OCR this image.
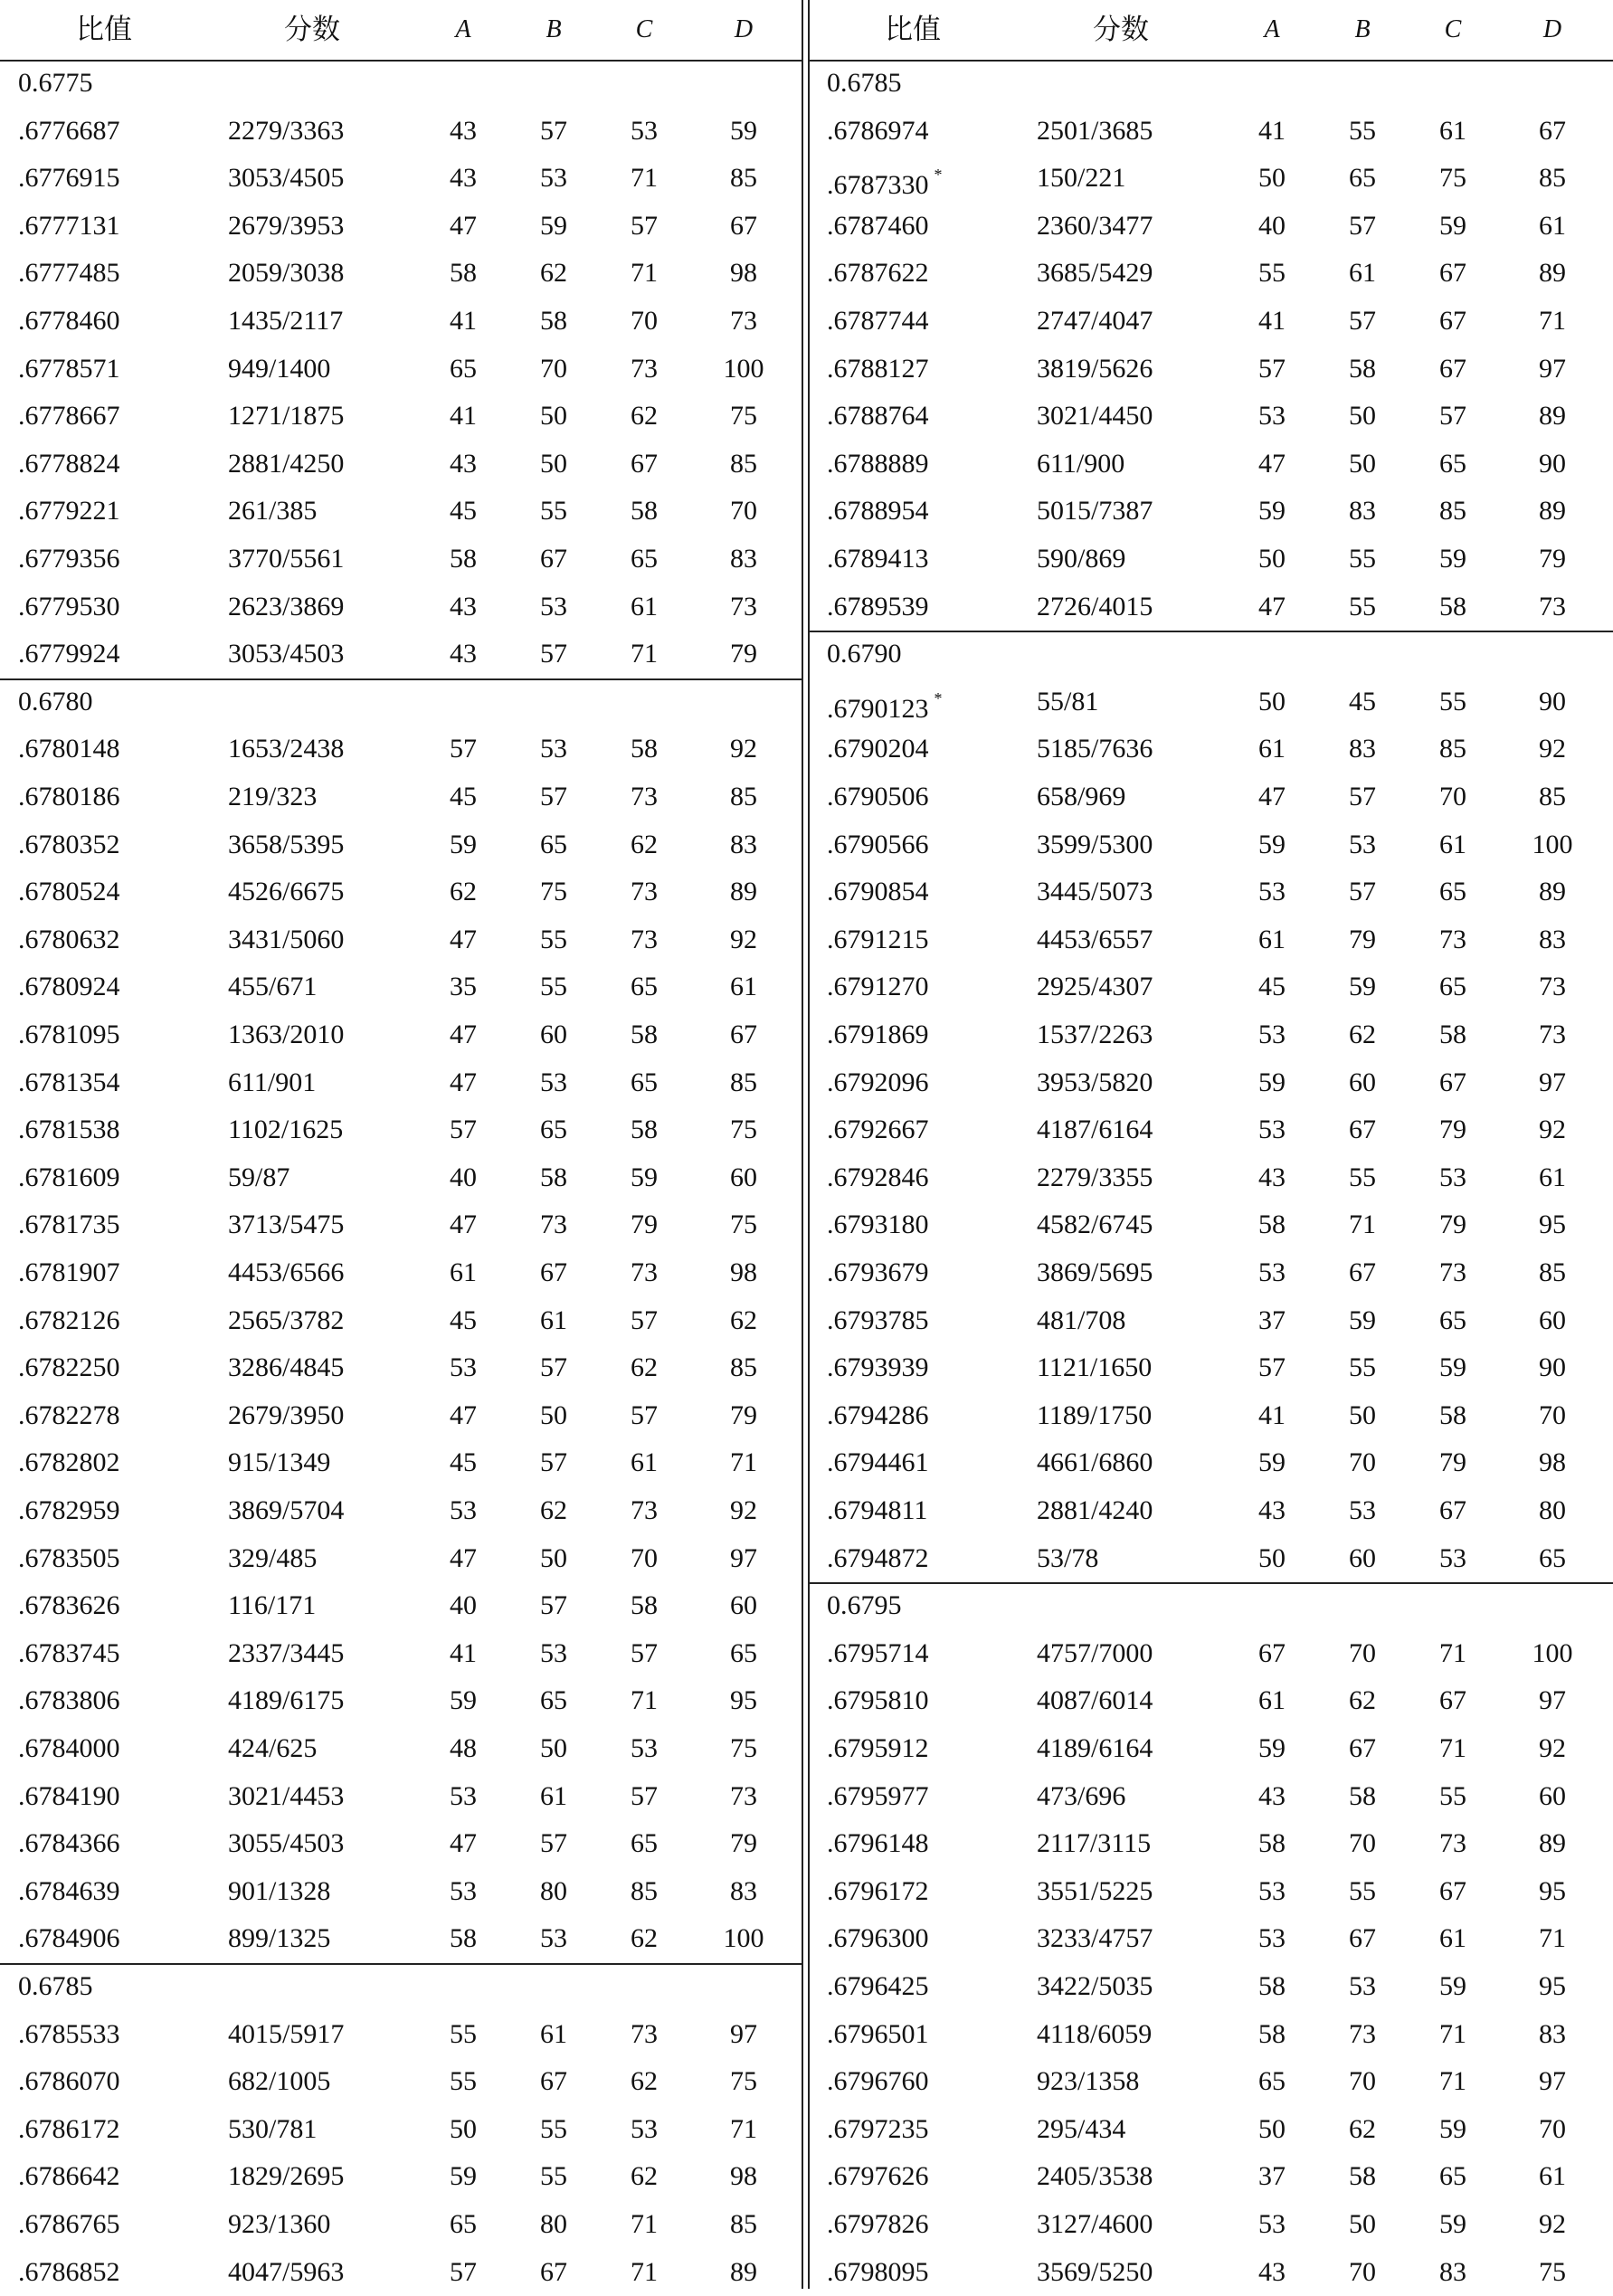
比值	分数	A	B	C	D
0.6775
.6776687	2279/3363	43	57	53	59
.6776915	3053/4505	43	53	71	85
.6777131	2679/3953	47	59	57	67
.6777485	2059/3038	58	62	71	98
.6778460	1435/2117	41	58	70	73
.6778571	949/1400	65	70	73	100
.6778667	1271/1875	41	50	62	75
.6778824	2881/4250	43	50	67	85
.6779221	261/385	45	55	58	70
.6779356	3770/5561	58	67	65	83
.6779530	2623/3869	43	53	61	73
.6779924	3053/4503	43	57	71	79
0.6780
.6780148	1653/2438	57	53	58	92
.6780186	219/323	45	57	73	85
.6780352	3658/5395	59	65	62	83
.6780524	4526/6675	62	75	73	89
.6780632	3431/5060	47	55	73	92
.6780924	455/671	35	55	65	61
.6781095	1363/2010	47	60	58	67
.6781354	611/901	47	53	65	85
.6781538	1102/1625	57	65	58	75
.6781609	59/87	40	58	59	60
.6781735	3713/5475	47	73	79	75
.6781907	4453/6566	61	67	73	98
.6782126	2565/3782	45	61	57	62
.6782250	3286/4845	53	57	62	85
.6782278	2679/3950	47	50	57	79
.6782802	915/1349	45	57	61	71
.6782959	3869/5704	53	62	73	92
.6783505	329/485	47	50	70	97
.6783626	116/171	40	57	58	60
.6783745	2337/3445	41	53	57	65
.6783806	4189/6175	59	65	71	95
.6784000	424/625	48	50	53	75
.6784190	3021/4453	53	61	57	73
.6784366	3055/4503	47	57	65	79
.6784639	901/1328	53	80	85	83
.6784906	899/1325	58	53	62	100
0.6785
.6785533	4015/5917	55	61	73	97
.6786070	682/1005	55	67	62	75
.6786172	530/781	50	55	53	71
.6786642	1829/2695	59	55	62	98
.6786765	923/1360	65	80	71	85
.6786852	4047/5963	57	67	71	89
比值	分数	A	B	C	D
0.6785
.6786974	2501/3685	41	55	61	67
.6787330 *	150/221	50	65	75	85
.6787460	2360/3477	40	57	59	61
.6787622	3685/5429	55	61	67	89
.6787744	2747/4047	41	57	67	71
.6788127	3819/5626	57	58	67	97
.6788764	3021/4450	53	50	57	89
.6788889	611/900	47	50	65	90
.6788954	5015/7387	59	83	85	89
.6789413	590/869	50	55	59	79
.6789539	2726/4015	47	55	58	73
0.6790
.6790123 *	55/81	50	45	55	90
.6790204	5185/7636	61	83	85	92
.6790506	658/969	47	57	70	85
.6790566	3599/5300	59	53	61	100
.6790854	3445/5073	53	57	65	89
.6791215	4453/6557	61	79	73	83
.6791270	2925/4307	45	59	65	73
.6791869	1537/2263	53	62	58	73
.6792096	3953/5820	59	60	67	97
.6792667	4187/6164	53	67	79	92
.6792846	2279/3355	43	55	53	61
.6793180	4582/6745	58	71	79	95
.6793679	3869/5695	53	67	73	85
.6793785	481/708	37	59	65	60
.6793939	1121/1650	57	55	59	90
.6794286	1189/1750	41	50	58	70
.6794461	4661/6860	59	70	79	98
.6794811	2881/4240	43	53	67	80
.6794872	53/78	50	60	53	65
0.6795
.6795714	4757/7000	67	70	71	100
.6795810	4087/6014	61	62	67	97
.6795912	4189/6164	59	67	71	92
.6795977	473/696	43	58	55	60
.6796148	2117/3115	58	70	73	89
.6796172	3551/5225	53	55	67	95
.6796300	3233/4757	53	67	61	71
.6796425	3422/5035	58	53	59	95
.6796501	4118/6059	58	73	71	83
.6796760	923/1358	65	70	71	97
.6797235	295/434	50	62	59	70
.6797626	2405/3538	37	58	65	61
.6797826	3127/4600	53	50	59	92
.6798095	3569/5250	43	70	83	75
